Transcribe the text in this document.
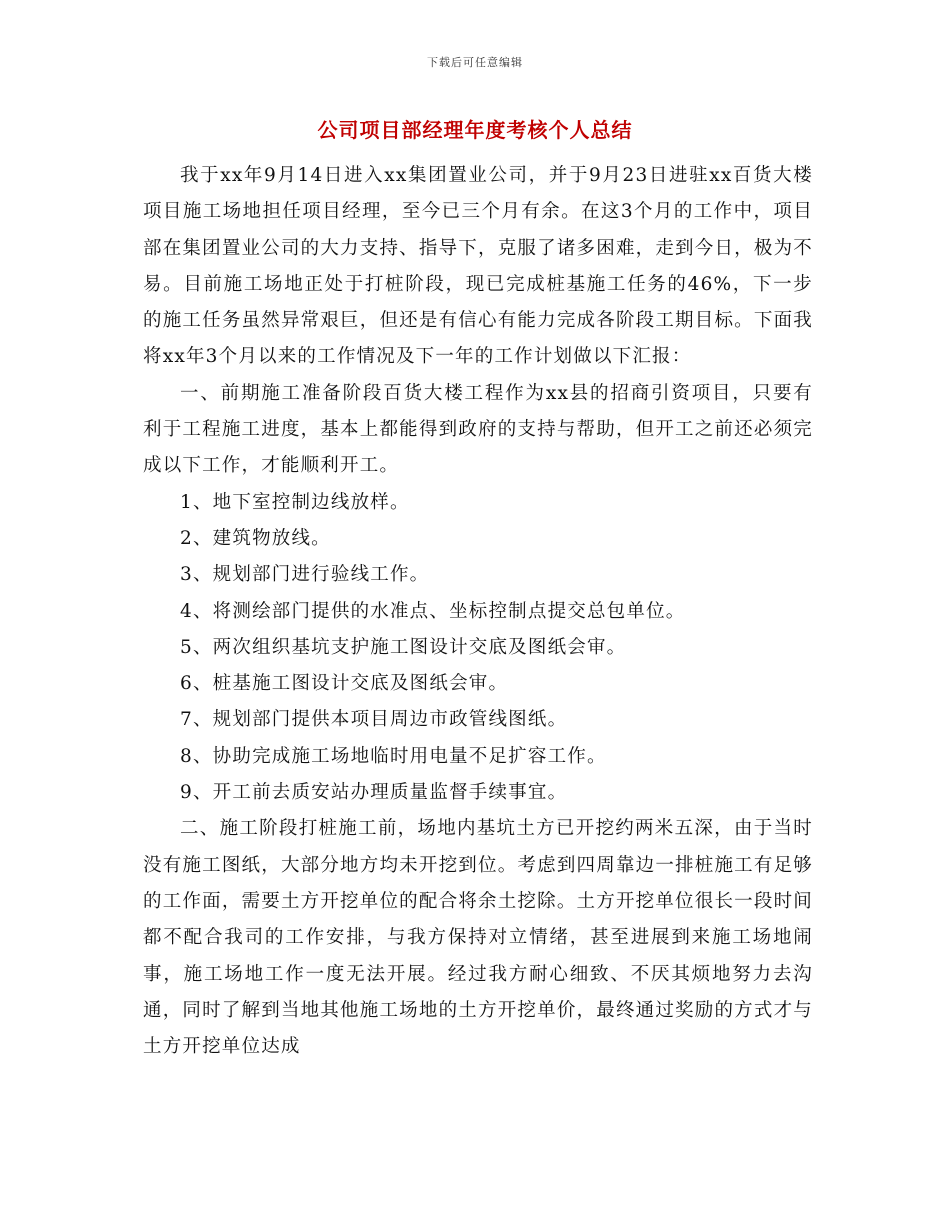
下载后可任意编辑
公司项目部经理年度考核个人总结

我于xx年9月14日进入xx集团置业公司，并于9月23日进驻xx百货大楼项目施工场地担任项目经理，至今已三个月有余。在这3个月的工作中，项目部在集团置业公司的大力支持、指导下，克服了诸多困难，走到今日，极为不易。目前施工场地正处于打桩阶段，现已完成桩基施工任务的46%，下一步的施工任务虽然异常艰巨，但还是有信心有能力完成各阶段工期目标。下面我将xx年3个月以来的工作情况及下一年的工作计划做以下汇报：

一、前期施工准备阶段百货大楼工程作为xx县的招商引资项目，只要有利于工程施工进度，基本上都能得到政府的支持与帮助，但开工之前还必须完成以下工作，才能顺利开工。

1、地下室控制边线放样。

2、建筑物放线。

3、规划部门进行验线工作。

4、将测绘部门提供的水准点、坐标控制点提交总包单位。

5、两次组织基坑支护施工图设计交底及图纸会审。

6、桩基施工图设计交底及图纸会审。

7、规划部门提供本项目周边市政管线图纸。

8、协助完成施工场地临时用电量不足扩容工作。

9、开工前去质安站办理质量监督手续事宜。

二、施工阶段打桩施工前，场地内基坑土方已开挖约两米五深，由于当时没有施工图纸，大部分地方均未开挖到位。考虑到四周靠边一排桩施工有足够的工作面，需要土方开挖单位的配合将余土挖除。土方开挖单位很长一段时间都不配合我司的工作安排，与我方保持对立情绪，甚至进展到来施工场地闹事，施工场地工作一度无法开展。经过我方耐心细致、不厌其烦地努力去沟通，同时了解到当地其他施工场地的土方开挖单价，最终通过奖励的方式才与土方开挖单位达成
